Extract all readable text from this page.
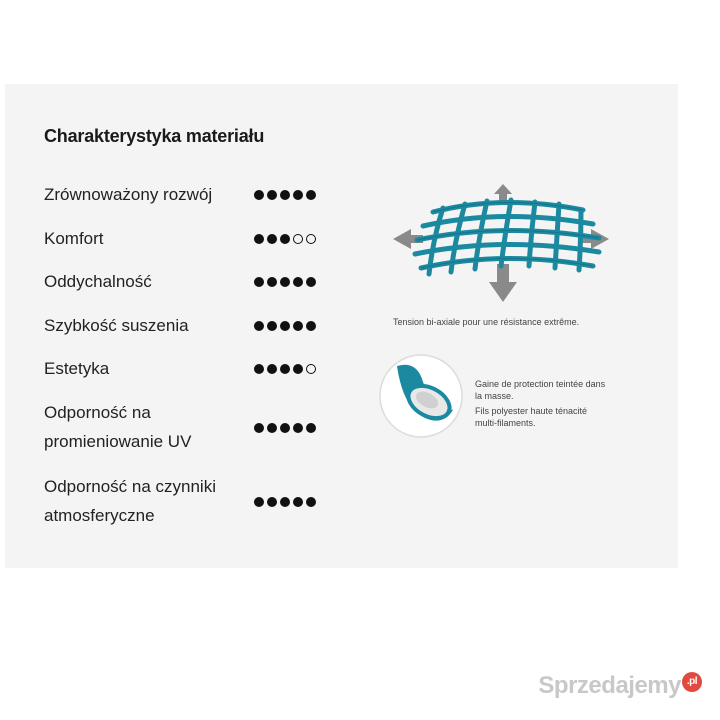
Charakterystyka materiału
Zrównoważony rozwój
Komfort
Oddychalność
Szybkość suszenia
Estetyka
Odporność na
promieniowanie UV
Odporność na czynniki
atmosferyczne
Tension bi-axiale pour une résistance extrême.
Gaine de protection teintée dans
la masse.
Fils polyester haute ténacité
multi-filaments.
Sprzedajemy .pl
